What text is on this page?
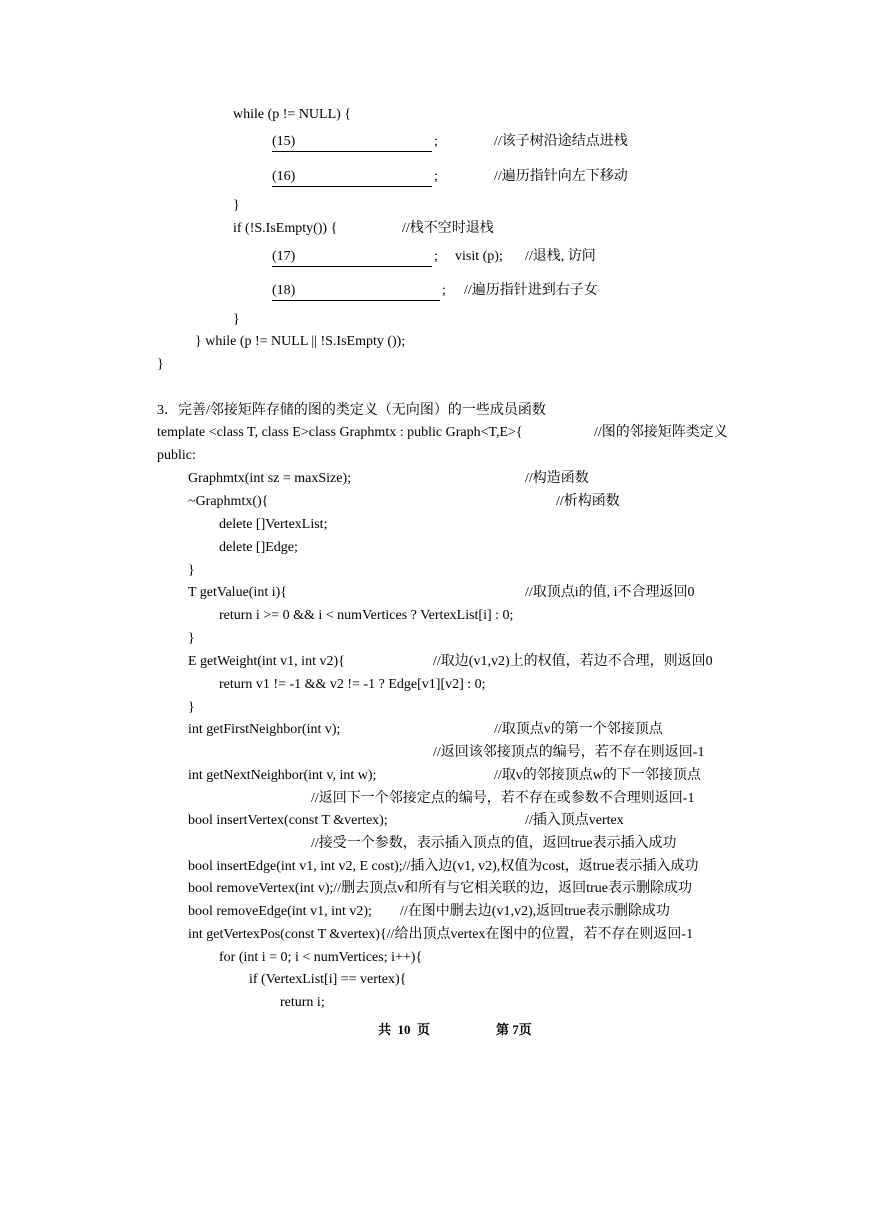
while (p != NULL) {
(15)	;	//该子树沿途结点进栈
(16)	;	//遍历指针向左下移动
}
if (!S.IsEmpty()) {	//栈不空时退栈
(17)	; visit (p); //退栈, 访问
(18)	; //遍历指针进到右子女
}
} while (p != NULL || !S.IsEmpty ());
}
3．完善/邻接矩阵存储的图的类定义（无向图）的一些成员函数
template <class T, class E>class Graphmtx : public Graph<T,E>{	//图的邻接矩阵类定义
public:
Graphmtx(int sz = maxSize);	//构造函数
~Graphmtx(){	//析构函数
delete []VertexList;
delete []Edge;
}
T getValue(int i){	//取顶点i的值, i不合理返回0
return i >= 0 && i < numVertices ? VertexList[i] : 0;
}
E getWeight(int v1, int v2){	//取边(v1,v2)上的权值，若边不合理，则返回0
return v1 != -1 && v2 != -1 ? Edge[v1][v2] : 0;
}
int getFirstNeighbor(int v);	//取顶点v的第一个邻接顶点
//返回该邻接顶点的编号，若不存在则返回-1
int getNextNeighbor(int v, int w);	//取v的邻接顶点w的下一邻接顶点
//返回下一个邻接定点的编号，若不存在或参数不合理则返回-1
bool insertVertex(const T &vertex);	//插入顶点vertex
//接受一个参数，表示插入顶点的值，返回true表示插入成功
bool insertEdge(int v1, int v2, E cost);//插入边(v1, v2),权值为cost，返true表示插入成功
bool removeVertex(int v);//删去顶点v和所有与它相关联的边，返回true表示删除成功
bool removeEdge(int v1, int v2); //在图中删去边(v1,v2),返回true表示删除成功
int getVertexPos(const T &vertex){//给出顶点vertex在图中的位置，若不存在则返回-1
for (int i = 0; i < numVertices; i++){
if (VertexList[i] == vertex){
return i;
共  10  页	第 7页
